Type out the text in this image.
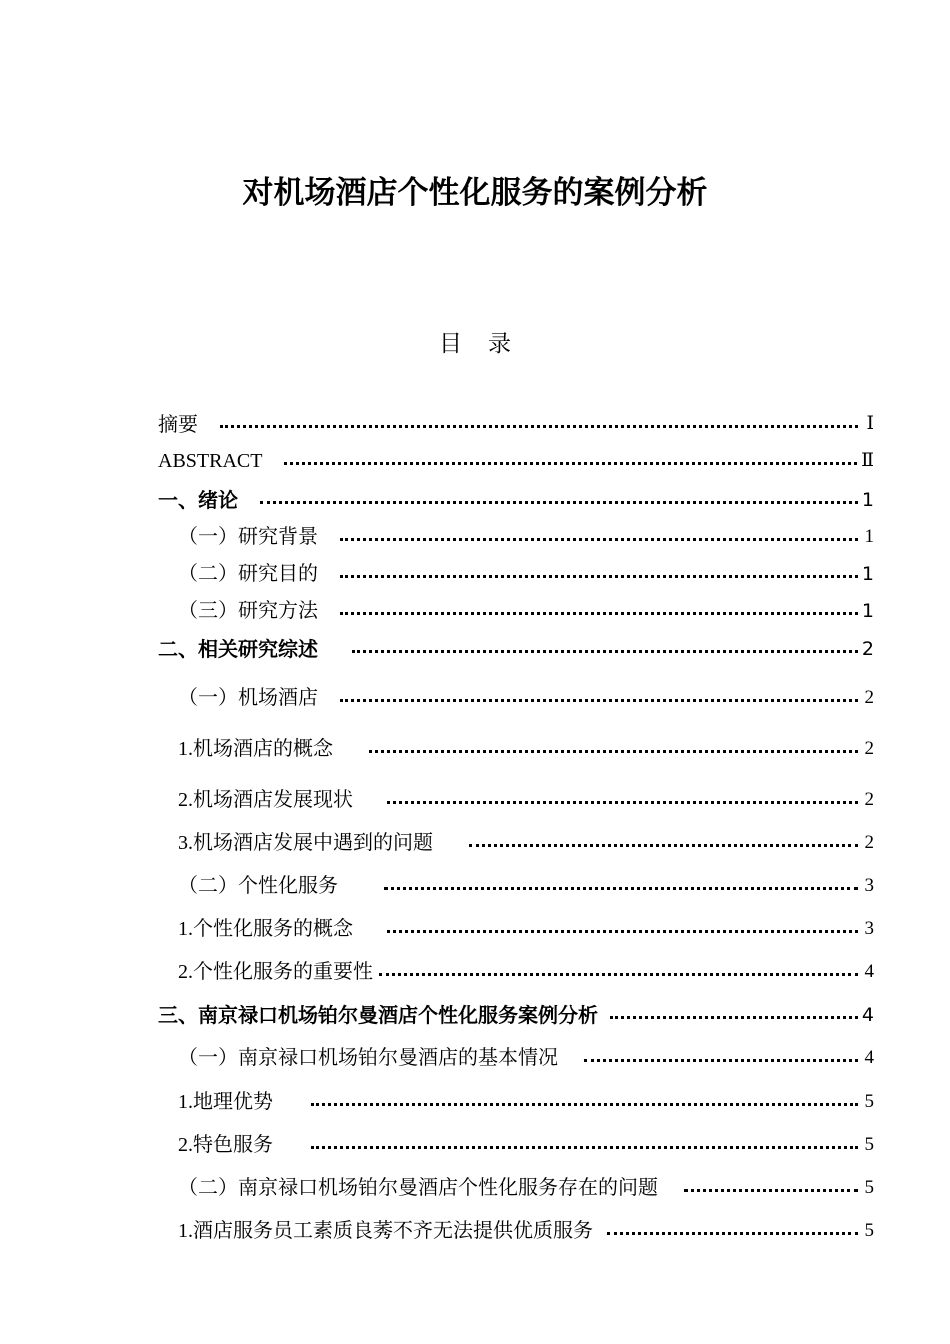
对机场酒店个性化服务的案例分析
目 录
摘要	Ⅰ
ABSTRACT	Ⅱ
一、绪论	1
（一）研究背景	1
（二）研究目的	1
（三）研究方法	1
二、相关研究综述	2
（一）机场酒店	2
1.机场酒店的概念	2
2.机场酒店发展现状	2
3.机场酒店发展中遇到的问题	2
（二）个性化服务	3
1.个性化服务的概念	3
2.个性化服务的重要性	4
三、南京禄口机场铂尔曼酒店个性化服务案例分析	4
（一）南京禄口机场铂尔曼酒店的基本情况	4
1.地理优势	5
2.特色服务	5
（二）南京禄口机场铂尔曼酒店个性化服务存在的问题	5
1.酒店服务员工素质良莠不齐无法提供优质服务	5
